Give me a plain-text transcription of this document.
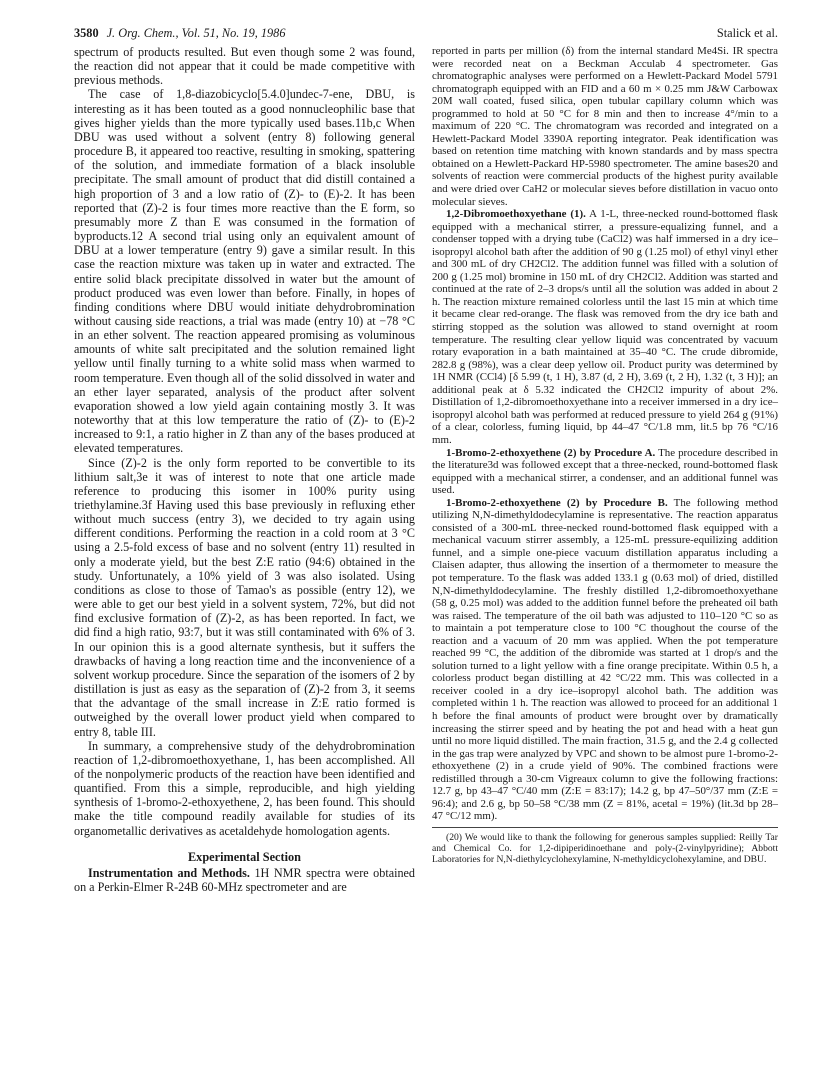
3580 J. Org. Chem., Vol. 51, No. 19, 1986	Stalick et al.

spectrum of products resulted. But even though some 2 was found, the reaction did not appear that it could be made competitive with previous methods.

The case of 1,8-diazobicyclo[5.4.0]undec-7-ene, DBU, is interesting as it has been touted as a good nonnucleophilic base that gives higher yields than the more typically used bases.11b,c When DBU was used without a solvent (entry 8) following general procedure B, it appeared too reactive, resulting in smoking, spattering of the solution, and immediate formation of a black insoluble precipitate. The small amount of product that did distill contained a high proportion of 3 and a low ratio of (Z)- to (E)-2. It has been reported that (Z)-2 is four times more reactive than the E form, so presumably more Z than E was consumed in the formation of byproducts.12 A second trial using only an equivalent amount of DBU at a lower temperature (entry 9) gave a similar result. In this case the reaction mixture was taken up in water and extracted. The entire solid black precipitate dissolved in water but the amount of product produced was even lower than before. Finally, in hopes of finding conditions where DBU would initiate dehydrobromination without causing side reactions, a trial was made (entry 10) at −78 °C in an ether solvent. The reaction appeared promising as voluminous amounts of white salt precipitated and the solution remained light yellow until finally turning to a white solid mass when warmed to room temperature. Even though all of the solid dissolved in water and an ether layer separated, analysis of the product after solvent evaporation showed a low yield again containing mostly 3. It was noteworthy that at this low temperature the ratio of (Z)- to (E)-2 increased to 9:1, a ratio higher in Z than any of the bases produced at elevated temperatures.

Since (Z)-2 is the only form reported to be convertible to its lithium salt,3e it was of interest to note that one article made reference to producing this isomer in 100% purity using triethylamine.3f Having used this base previously in refluxing ether without much success (entry 3), we decided to try again using different conditions. Performing the reaction in a cold room at 3 °C using a 2.5-fold excess of base and no solvent (entry 11) resulted in only a moderate yield, but the best Z:E ratio (94:6) obtained in the study. Unfortunately, a 10% yield of 3 was also isolated. Using conditions as close to those of Tamao's as possible (entry 12), we were able to get our best yield in a solvent system, 72%, but did not find exclusive formation of (Z)-2, as has been reported. In fact, we did find a high ratio, 93:7, but it was still contaminated with 6% of 3. In our opinion this is a good alternate synthesis, but it suffers the drawbacks of having a long reaction time and the inconvenience of a solvent workup procedure. Since the separation of the isomers of 2 by distillation is just as easy as the separation of (Z)-2 from 3, it seems that the advantage of the small increase in Z:E ratio formed is outweighed by the overall lower product yield when compared to entry 8, table III.

In summary, a comprehensive study of the dehydrobromination reaction of 1,2-dibromoethoxyethane, 1, has been accomplished. All of the nonpolymeric products of the reaction have been identified and quantified. From this a simple, reproducible, and high yielding synthesis of 1-bromo-2-ethoxyethene, 2, has been found. This should make the title compound readily available for studies of its organometallic derivatives as acetaldehyde homologation agents.

Experimental Section

Instrumentation and Methods. 1H NMR spectra were obtained on a Perkin-Elmer R-24B 60-MHz spectrometer and are

reported in parts per million (δ) from the internal standard Me4Si. IR spectra were recorded neat on a Beckman Acculab 4 spectrometer. Gas chromatographic analyses were performed on a Hewlett-Packard Model 5791 chromatograph equipped with an FID and a 60 m × 0.25 mm J&W Carbowax 20M wall coated, fused silica, open tubular capillary column which was programmed to hold at 50 °C for 8 min and then to increase 4°/min to a maximum of 220 °C. The chromatogram was recorded and integrated on a Hewlett-Packard Model 3390A reporting integrator. Peak identification was based on retention time matching with known standards and by mass spectra obtained on a Hewlett-Packard HP-5980 spectrometer. The amine bases20 and solvents of reaction were commercial products of the highest purity available and were dried over CaH2 or molecular sieves before distillation in vacuo onto molecular sieves.

1,2-Dibromoethoxyethane (1). A 1-L, three-necked round-bottomed flask equipped with a mechanical stirrer, a pressure-equalizing funnel, and a condenser topped with a drying tube (CaCl2) was half immersed in a dry ice–isopropyl alcohol bath after the addition of 90 g (1.25 mol) of ethyl vinyl ether and 300 mL of dry CH2Cl2. The addition funnel was filled with a solution of 200 g (1.25 mol) bromine in 150 mL of dry CH2Cl2. Addition was started and continued at the rate of 2–3 drops/s until all the solution was added in about 2 h. The reaction mixture remained colorless until the last 15 min at which time it became clear red-orange. The flask was removed from the dry ice bath and stirring stopped as the solution was allowed to stand overnight at room temperature. The resulting clear yellow liquid was concentrated by vacuum rotary evaporation in a bath maintained at 35–40 °C. The crude dibromide, 282.8 g (98%), was a clear deep yellow oil. Product purity was determined by 1H NMR (CCl4) [δ 5.99 (t, 1 H), 3.87 (d, 2 H), 3.69 (t, 2 H), 1.32 (t, 3 H)]; an additional peak at δ 5.32 indicated the CH2Cl2 impurity of about 2%. Distillation of 1,2-dibromoethoxyethane into a receiver immersed in a dry ice–isopropyl alcohol bath was performed at reduced pressure to yield 264 g (91%) of a clear, colorless, fuming liquid, bp 44–47 °C/1.8 mm, lit.5 bp 76 °C/16 mm.

1-Bromo-2-ethoxyethene (2) by Procedure A. The procedure described in the literature3d was followed except that a three-necked, round-bottomed flask equipped with a mechanical stirrer, a condenser, and an additional funnel was used.

1-Bromo-2-ethoxyethene (2) by Procedure B. The following method utilizing N,N-dimethyldodecylamine is representative. The reaction apparatus consisted of a 300-mL three-necked round-bottomed flask equipped with a mechanical vacuum stirrer assembly, a 125-mL pressure-equilizing addition funnel, and a simple one-piece vacuum distillation apparatus including a Claisen adapter, thus allowing the insertion of a thermometer to measure the pot temperature. To the flask was added 133.1 g (0.63 mol) of dried, distilled N,N-dimethyldodecylamine. The freshly distilled 1,2-dibromoethoxyethane (58 g, 0.25 mol) was added to the addition funnel before the preheated oil bath was raised. The temperature of the oil bath was adjusted to 110–120 °C so as to maintain a pot temperature close to 100 °C thoughout the course of the reaction and a vacuum of 20 mm was applied. When the pot temperature reached 99 °C, the addition of the dibromide was started at 1 drop/s and the solution turned to a light yellow with a fine orange precipitate. Within 0.5 h, a colorless product began distilling at 42 °C/22 mm. This was collected in a receiver cooled in a dry ice–isopropyl alcohol bath. The addition was completed within 1 h. The reaction was allowed to proceed for an additional 1 h before the final amounts of product were brought over by dramatically increasing the stirrer speed and by heating the pot and head with a heat gun until no more liquid distilled. The main fraction, 31.5 g, and the 2.4 g collected in the gas trap were analyzed by VPC and shown to be almost pure 1-bromo-2-ethoxyethene (2) in a crude yield of 90%. The combined fractions were redistilled through a 30-cm Vigreaux column to give the following fractions: 12.7 g, bp 43–47 °C/40 mm (Z:E = 83:17); 14.2 g, bp 47–50°/37 mm (Z:E = 96:4); and 2.6 g, bp 50–58 °C/38 mm (Z = 81%, acetal = 19%) (lit.3d bp 28–47 °C/12 mm).

(20) We would like to thank the following for generous samples supplied: Reilly Tar and Chemical Co. for 1,2-dipiperidinoethane and poly-(2-vinylpyridine); Abbott Laboratories for N,N-diethylcyclohexylamine, N-methyldicyclohexylamine, and DBU.
